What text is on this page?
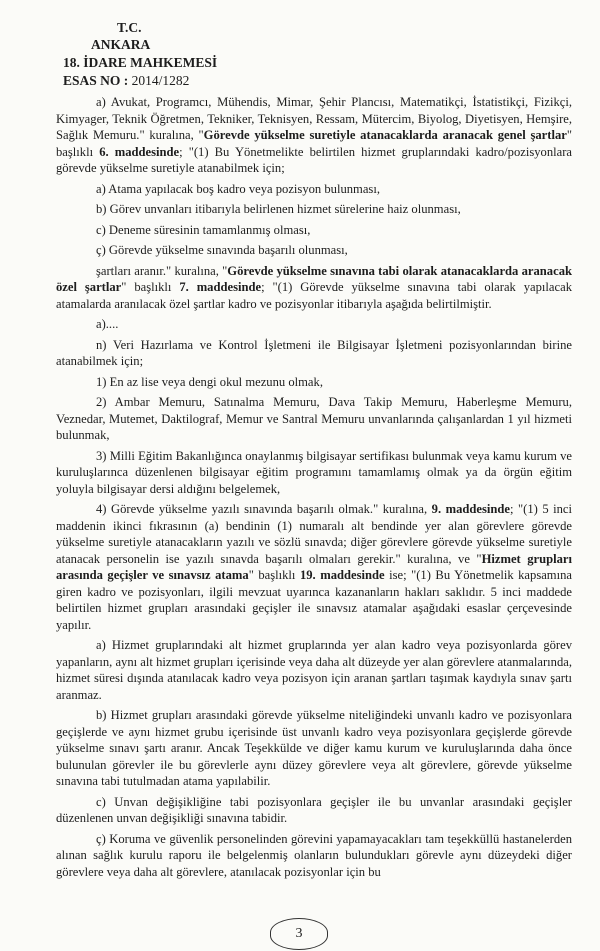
T.C.
ANKARA
18. İDARE MAHKEMESİ
ESAS NO : 2014/1282

a) Avukat, Programcı, Mühendis, Mimar, Şehir Plancısı, Matematikçi, İstatistikçi, Fizikçi, Kimyager, Teknik Öğretmen, Tekniker, Teknisyen, Ressam, Mütercim, Biyolog, Diyetisyen, Hemşire, Sağlık Memuru." kuralına, "Görevde yükselme suretiyle atanacaklarda aranacak genel şartlar" başlıklı 6. maddesinde; "(1) Bu Yönetmelikte belirtilen hizmet gruplarındaki kadro/pozisyonlara görevde yükselme suretiyle atanabilmek için;

a) Atama yapılacak boş kadro veya pozisyon bulunması,

b) Görev unvanları itibarıyla belirlenen hizmet sürelerine haiz olunması,

c) Deneme süresinin tamamlanmış olması,

ç) Görevde yükselme sınavında başarılı olunması,

şartları aranır." kuralına, "Görevde yükselme sınavına tabi olarak atanacaklarda aranacak özel şartlar" başlıklı 7. maddesinde; "(1) Görevde yükselme sınavına tabi olarak yapılacak atamalarda aranılacak özel şartlar kadro ve pozisyonlar itibarıyla aşağıda belirtilmiştir.

a)....

n) Veri Hazırlama ve Kontrol İşletmeni ile Bilgisayar İşletmeni pozisyonlarından birine atanabilmek için;

1) En az lise veya dengi okul mezunu olmak,

2) Ambar Memuru, Satınalma Memuru, Dava Takip Memuru, Haberleşme Memuru, Veznedar, Mutemet, Daktilograf, Memur ve Santral Memuru unvanlarında çalışanlardan 1 yıl hizmeti bulunmak,

3) Milli Eğitim Bakanlığınca onaylanmış bilgisayar sertifikası bulunmak veya kamu kurum ve kuruluşlarınca düzenlenen bilgisayar eğitim programını tamamlamış olmak ya da örgün eğitim yoluyla bilgisayar dersi aldığını belgelemek,

4) Görevde yükselme yazılı sınavında başarılı olmak." kuralına, 9. maddesinde; "(1) 5 inci maddenin ikinci fıkrasının (a) bendinin (1) numaralı alt bendinde yer alan görevlere görevde yükselme suretiyle atanacakların yazılı ve sözlü sınavda; diğer görevlere görevde yükselme suretiyle atanacak personelin ise yazılı sınavda başarılı olmaları gerekir." kuralına, ve "Hizmet grupları arasında geçişler ve sınavsız atama" başlıklı 19. maddesinde ise; "(1) Bu Yönetmelik kapsamına giren kadro ve pozisyonları, ilgili mevzuat uyarınca kazananların hakları saklıdır. 5 inci maddede belirtilen hizmet grupları arasındaki geçişler ile sınavsız atamalar aşağıdaki esaslar çerçevesinde yapılır.

a) Hizmet gruplarındaki alt hizmet gruplarında yer alan kadro veya pozisyonlarda görev yapanların, aynı alt hizmet grupları içerisinde veya daha alt düzeyde yer alan görevlere atanmalarında, hizmet süresi dışında atanılacak kadro veya pozisyon için aranan şartları taşımak kaydıyla sınav şartı aranmaz.

b) Hizmet grupları arasındaki görevde yükselme niteliğindeki unvanlı kadro ve pozisyonlara geçişlerde ve aynı hizmet grubu içerisinde üst unvanlı kadro veya pozisyonlara geçişlerde görevde yükselme sınavı şartı aranır. Ancak Teşekkülde ve diğer kamu kurum ve kuruluşlarında daha önce bulunulan görevler ile bu görevlerle aynı düzey görevlere veya alt görevlere, görevde yükselme sınavına tabi tutulmadan atama yapılabilir.

c) Unvan değişikliğine tabi pozisyonlara geçişler ile bu unvanlar arasındaki geçişler düzenlenen unvan değişikliği sınavına tabidir.

ç) Koruma ve güvenlik personelinden görevini yapamayacakları tam teşekküllü hastanelerden alınan sağlık kurulu raporu ile belgelenmiş olanların bulundukları görevle aynı düzeydeki diğer görevlere veya daha alt görevlere, atanılacak pozisyonlar için bu

3
